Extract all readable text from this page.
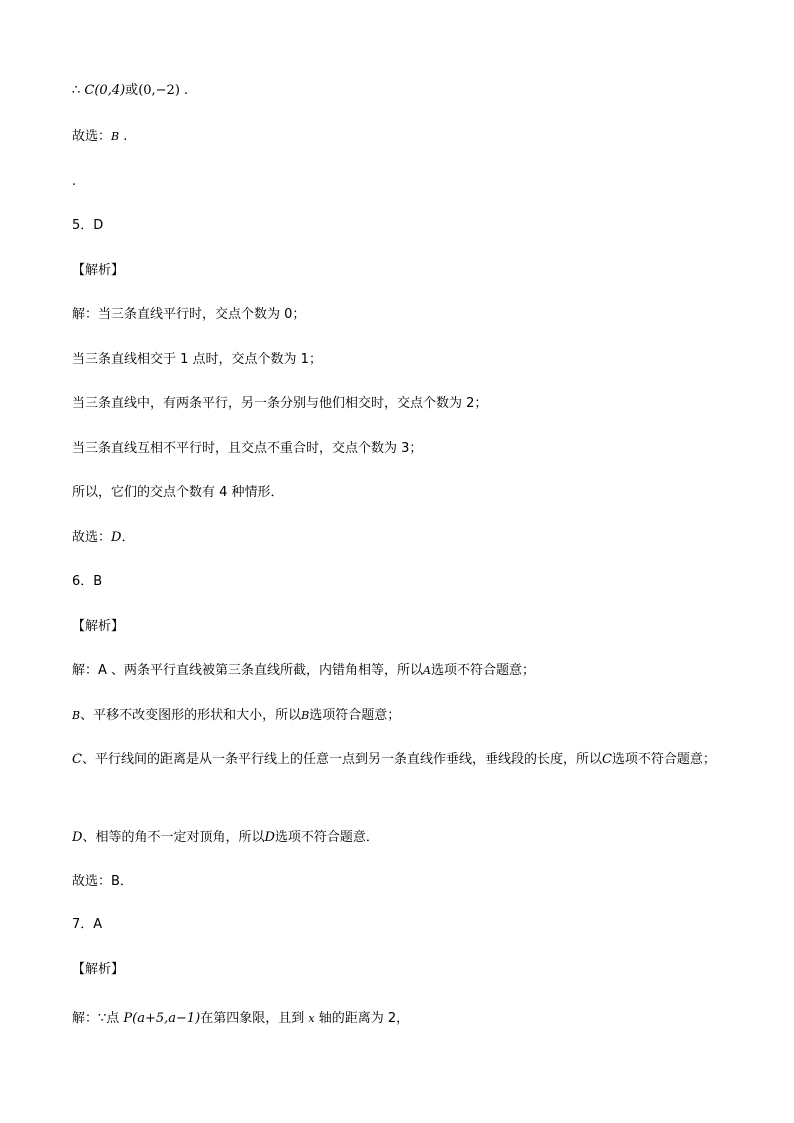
∴ C(0,4)或(0,−2) .
故选：B .
.
5．D
【解析】
解：当三条直线平行时，交点个数为 0；
当三条直线相交于 1 点时，交点个数为 1；
当三条直线中，有两条平行，另一条分别与他们相交时，交点个数为 2；
当三条直线互相不平行时，且交点不重合时，交点个数为 3；
所以，它们的交点个数有 4 种情形．
故选：D．
6．B
【解析】
解：A 、两条平行直线被第三条直线所截，内错角相等，所以A选项不符合题意；
B、平移不改变图形的形状和大小，所以B选项符合题意；
C、平行线间的距离是从一条平行线上的任意一点到另一条直线作垂线，垂线段的长度，所以C选项不符合题意；
D、相等的角不一定对顶角，所以D选项不符合题意．
故选：B．
7．A
【解析】
解：∵点 P(a+5,a−1)在第四象限，且到 x 轴的距离为 2，
